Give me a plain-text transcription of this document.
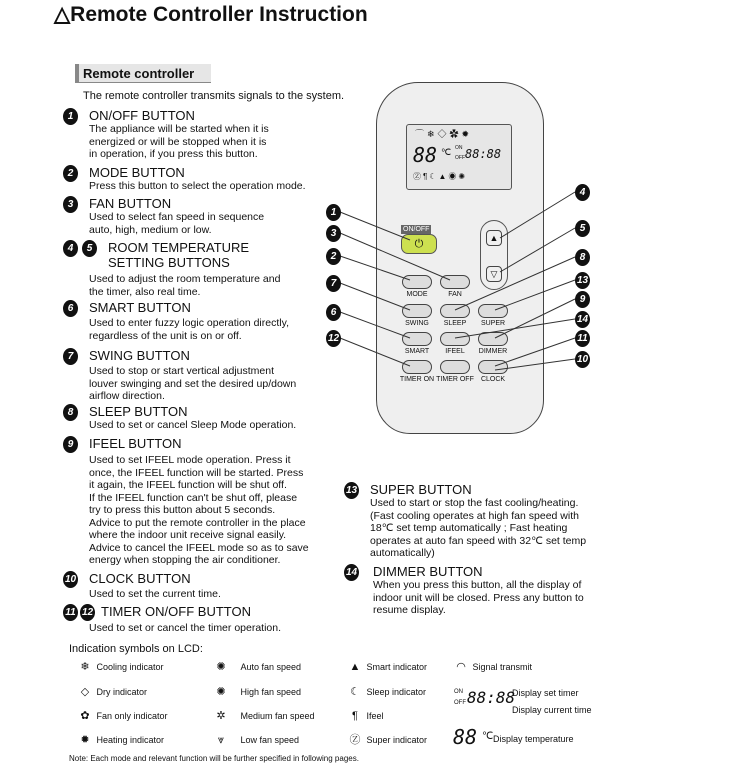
△Remote Controller Instruction
Remote controller
The remote controller transmits signals to the system.
1	ON/OFF BUTTON
The appliance will be started when it is
energized or will be stopped when it is
in operation, if you press this button.
2	MODE BUTTON
Press this button to select the operation mode.
3	FAN BUTTON
Used to select fan speed in sequence
auto, high, medium or low.
4	5	ROOM TEMPERATURE
SETTING BUTTONS
Used to adjust the room temperature and
the timer, also real time.
6	SMART BUTTON
Used to enter fuzzy logic operation directly,
regardless of the unit is on or off.
7	SWING BUTTON
Used to stop or start vertical adjustment
louver swinging and set the desired up/down
airflow direction.
8	SLEEP BUTTON
Used to set or cancel Sleep Mode operation.
9	IFEEL BUTTON
Used to set IFEEL mode operation. Press it
once, the IFEEL function will be started. Press
it again, the IFEEL function will be shut off.
If the IFEEL function can't be shut off, please
try to press this button about 5 seconds.
Advice to put the remote controller in the place
where the indoor unit receive signal easily.
Advice to cancel the IFEEL mode so as to save
energy when stopping the air conditioner.
10 CLOCK BUTTON
Used to set the current time.
11 12 TIMER ON/OFF BUTTON
Used to set or cancel the timer operation.
13 SUPER BUTTON
Used to start or stop the fast cooling/heating.
(Fast cooling operates at high fan speed with
18℃ set temp automatically ; Fast heating
operates at auto fan speed with 32℃ set temp
automatically)
14 DIMMER BUTTON
When you press this button, all the display of
indoor unit will be closed. Press any button to
resume display.
⌒❄◇✿✹
88 ℃ ON
OFF 88:88
Ⓩ¶☾▲◉✺
ON/OFF
⏻	▲
▽
MODE	FAN
SWING	SLEEP	SUPER
SMART	IFEEL	DIMMER
TIMER ON TIMER OFF	CLOCK
1
3
2
7
6
12
4
5
8
13
9
14
11
10
Indication symbols on LCD:
❄ Cooling indicator	✺ Auto fan speed	▲ Smart indicator	◠ Signal transmit
◇ Dry indicator	✺ High fan speed	☾ Sleep indicator
✿ Fan only indicator	✲ Medium fan speed	¶ Ifeel
✹ Heating indicator	⩔ Low fan speed	Ⓩ Super indicator
ON
OFF 88:88
Display set timer
Display current time
88 ℃ Display temperature
Note: Each mode and relevant function will be further specified in following pages.
